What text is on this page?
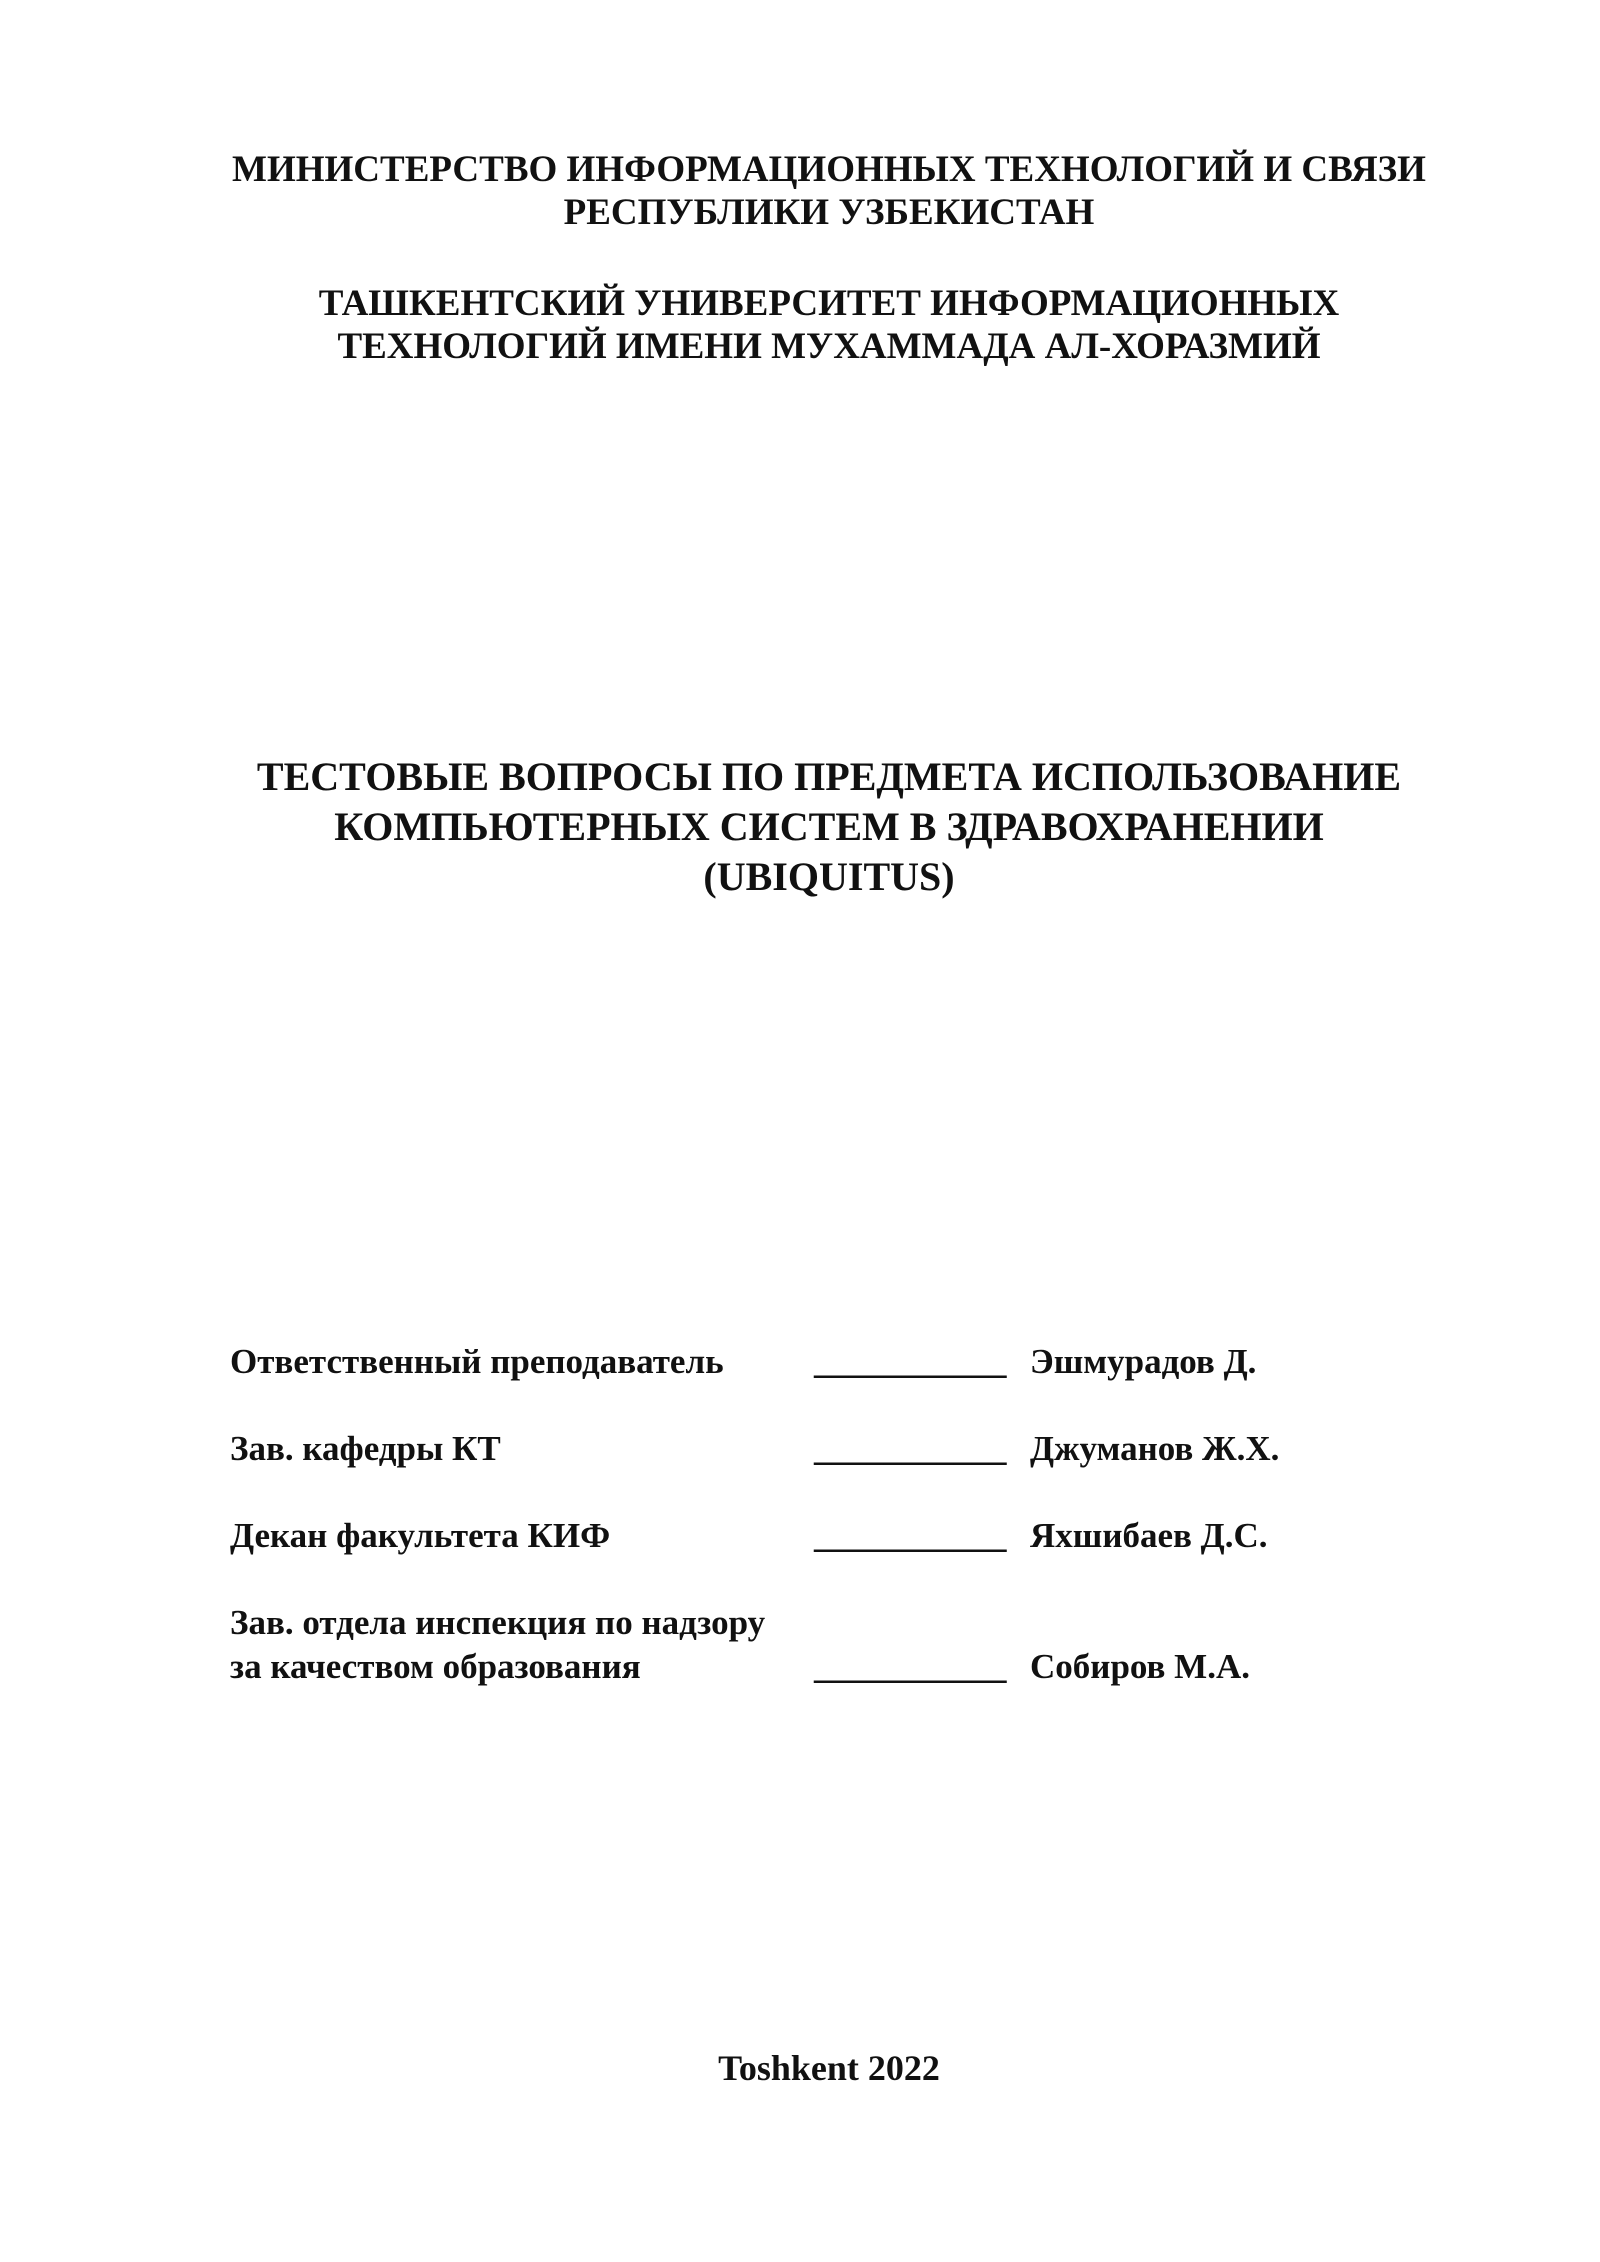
МИНИСТЕРСТВО ИНФОРМАЦИОННЫХ ТЕХНОЛОГИЙ И СВЯЗИ
РЕСПУБЛИКИ УЗБЕКИСТАН
ТАШКЕНТСКИЙ УНИВЕРСИТЕТ ИНФОРМАЦИОННЫХ
ТЕХНОЛОГИЙ ИМЕНИ МУХАММАДА АЛ-ХОРАЗМИЙ
ТЕСТОВЫЕ ВОПРОСЫ ПО ПРЕДМЕТА ИСПОЛЬЗОВАНИЕ
КОМПЬЮТЕРНЫХ СИСТЕМ В ЗДРАВОХРАНЕНИИ
(UBIQUITUS)
Ответственный преподаватель	___________ Эшмурадов Д.
Зав. кафедры КТ	___________ Джуманов Ж.Х.
Декан факультета КИФ	___________ Яхшибаев Д.С.
Зав. отдела инспекция по надзору
за качеством образования	___________ Собиров М.А.
Toshkent 2022
